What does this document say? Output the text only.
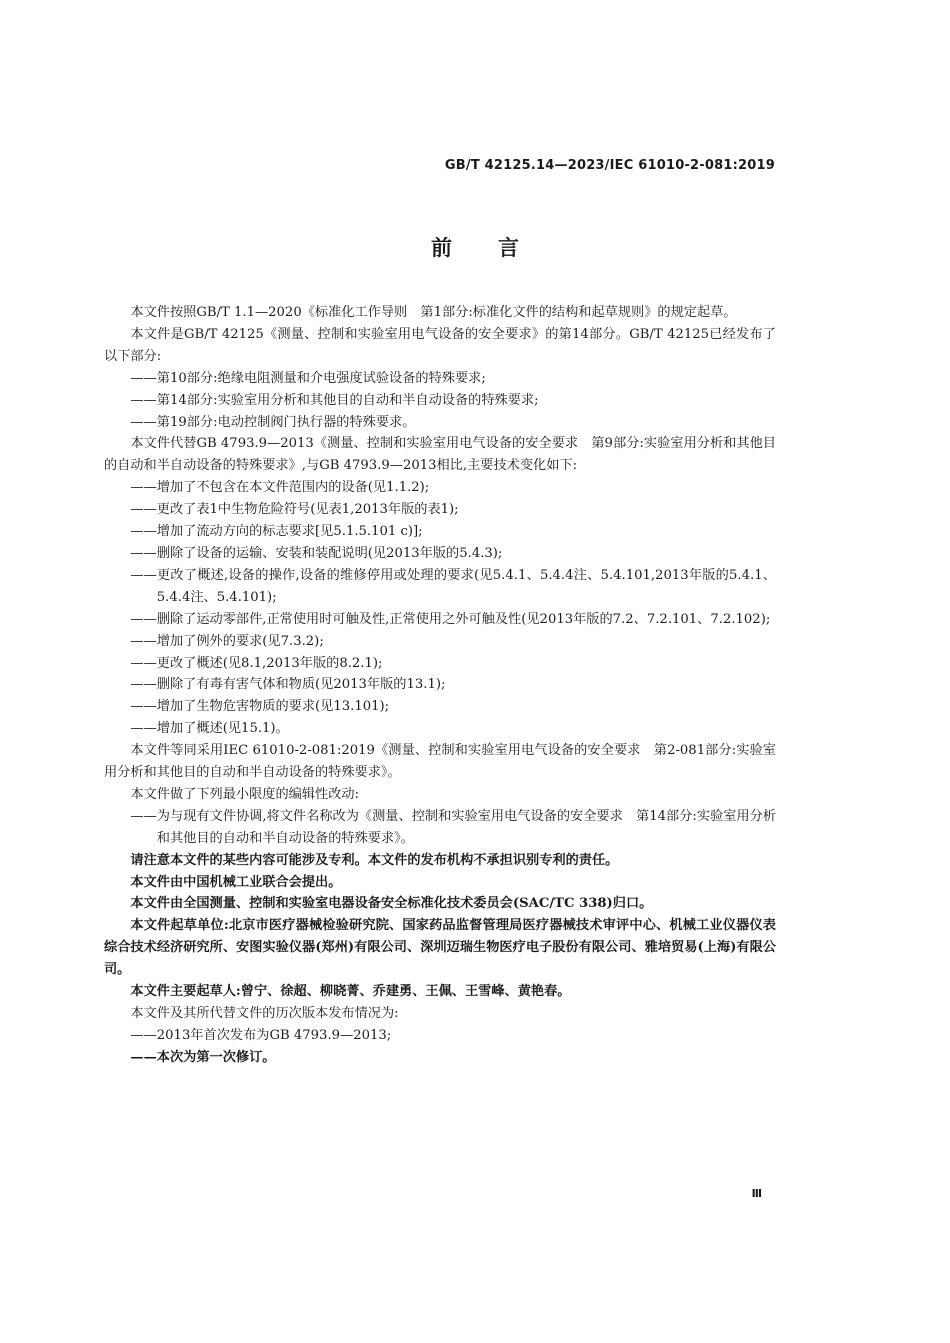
GB/T 42125.14—2023/IEC 61010-2-081:2019
前 言

本文件按照GB/T 1.1—2020《标准化工作导则　第1部分:标准化文件的结构和起草规则》的规定起草。

本文件是GB/T 42125《测量、控制和实验室用电气设备的安全要求》的第14部分。GB/T 42125已经发布了以下部分:

——第10部分:绝缘电阻测量和介电强度试验设备的特殊要求;

——第14部分:实验室用分析和其他目的自动和半自动设备的特殊要求;

——第19部分:电动控制阀门执行器的特殊要求。

本文件代替GB 4793.9—2013《测量、控制和实验室用电气设备的安全要求　第9部分:实验室用分析和其他目的自动和半自动设备的特殊要求》,与GB 4793.9—2013相比,主要技术变化如下:

——增加了不包含在本文件范围内的设备(见1.1.2);

——更改了表1中生物危险符号(见表1,2013年版的表1);

——增加了流动方向的标志要求[见5.1.5.101 c)];

——删除了设备的运输、安装和装配说明(见2013年版的5.4.3);

——更改了概述,设备的操作,设备的维修停用或处理的要求(见5.4.1、5.4.4注、5.4.101,2013年版的5.4.1、5.4.4注、5.4.101);

——删除了运动零部件,正常使用时可触及性,正常使用之外可触及性(见2013年版的7.2、7.2.101、7.2.102);

——增加了例外的要求(见7.3.2);

——更改了概述(见8.1,2013年版的8.2.1);

——删除了有毒有害气体和物质(见2013年版的13.1);

——增加了生物危害物质的要求(见13.101);

——增加了概述(见15.1)。

本文件等同采用IEC 61010-2-081:2019《测量、控制和实验室用电气设备的安全要求　第2-081部分:实验室用分析和其他目的自动和半自动设备的特殊要求》。

本文件做了下列最小限度的编辑性改动:

——为与现有文件协调,将文件名称改为《测量、控制和实验室用电气设备的安全要求　第14部分:实验室用分析和其他目的自动和半自动设备的特殊要求》。

请注意本文件的某些内容可能涉及专利。本文件的发布机构不承担识别专利的责任。

本文件由中国机械工业联合会提出。

本文件由全国测量、控制和实验室电器设备安全标准化技术委员会(SAC/TC 338)归口。

本文件起草单位:北京市医疗器械检验研究院、国家药品监督管理局医疗器械技术审评中心、机械工业仪器仪表综合技术经济研究所、安图实验仪器(郑州)有限公司、深圳迈瑞生物医疗电子股份有限公司、雅培贸易(上海)有限公司。

本文件主要起草人:曾宁、徐超、柳晓菁、乔建勇、王佩、王雪峰、黄艳春。

本文件及其所代替文件的历次版本发布情况为:

——2013年首次发布为GB 4793.9—2013;

——本次为第一次修订。

Ⅲ
